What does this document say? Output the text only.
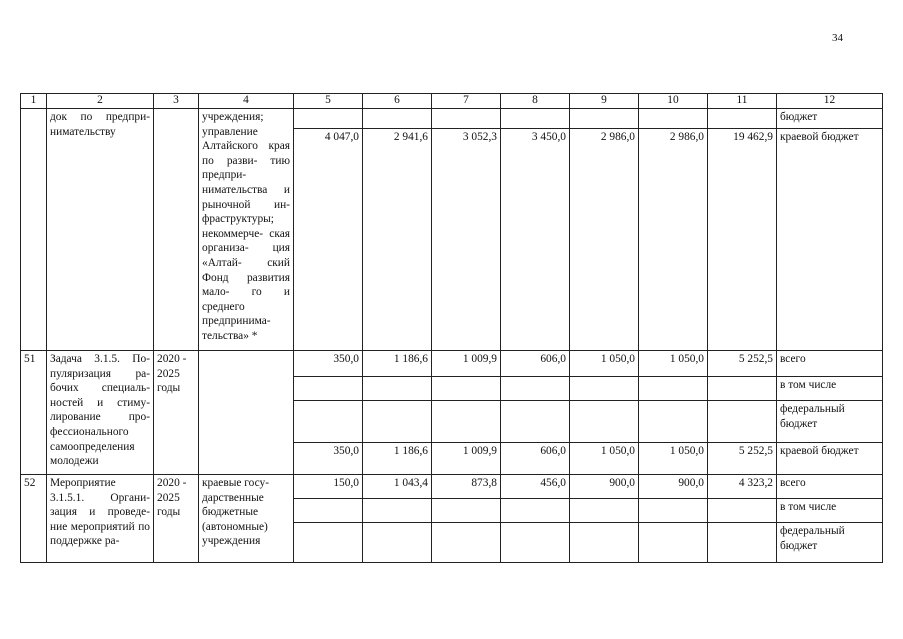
34
1	2	3	4	5	6	7	8	9	10	11	12
	док по предпри- нимательству		учреждения; управление Алтайского края по разви- тию предпри- нимательства и рыночной ин- фраструктуры; некоммерче- ская организа- ция «Алтай- ский Фонд развития мало- го и среднего предпринима- тельства» *								бюджет
				4 047,0	2 941,6	3 052,3	3 450,0	2 986,0	2 986,0	19 462,9	краевой бюджет
51	Задача 3.1.5. По- пуляризация ра- бочих специаль- ностей и стиму- лирование про- фессионального самоопределения молодежи	2020 - 2025 годы		350,0	1 186,6	1 009,9	606,0	1 050,0	1 050,0	5 252,5	всего
											в том числе
											федеральный бюджет
				350,0	1 186,6	1 009,9	606,0	1 050,0	1 050,0	5 252,5	краевой бюджет
52	Мероприятие 3.1.5.1. Органи- зация и проведе- ние мероприятий по поддержке ра-	2020 - 2025 годы	краевые госу- дарственные бюджетные (автономные) учреждения	150,0	1 043,4	873,8	456,0	900,0	900,0	4 323,2	всего
											в том числе
											федеральный бюджет
